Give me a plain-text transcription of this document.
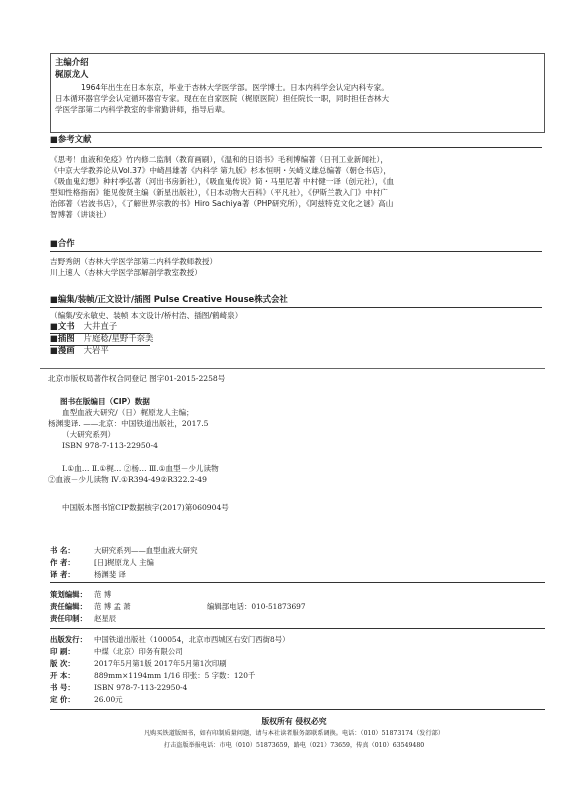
主编介绍
梶原龙人
1964年出生在日本东京，毕业于杏林大学医学部。医学博士。日本内科学会认定内科专家。
日本循环器官学会认定循环器官专家。现在在自家医院（梶原医院）担任院长一职，同时担任杏林大
学医学部第二内科学教室的非常勤讲师，指导后辈。
■参考文献
《思考！血液和免疫》竹内修二监制（教育画刷），《温和的日语书》毛利博编著（日刊工业新闻社），
《中京大学教养论从Vol.37》中崎昌雄著《内科学 第九版》杉本恒明・矢崎义雄总编著（朝仓书店），
《吸血鬼幻想》种村季弘著（河出书房新社），《吸血鬼传说》简・马里尼著 中村健一译（创元社），《血
型知性格指南》能见俊贤主编（新星出版社），《日本动物大百科》（平凡社），《伊斯兰教入门》中村广
治郎著（岩波书店），《了解世界宗教的书》Hiro Sachiya著（PHP研究所），《阿兹特克文化之谜》高山
智博著（讲谈社）
■合作
吉野秀朗（杏林大学医学部第二内科学教师教授）
川上速人（杏林大学医学部解剖学教室教授）
■编集/装帧/正文设计/插图 Pulse Creative House株式会社
（编集/安永敏史、装帧 本文设计/桥村浩、插图/鹤崎泉）
■文书 大井直子
■插图 片庭稔/星野千奈美
■漫画 大岩平
北京市版权局著作权合同登记 图字01-2015-2258号
图书在版编目（CIP）数据
血型血液大研究/（日）梶原龙人主编；
杨渊斐译. ——北京：中国铁道出版社，2017.5
（大研究系列）
ISBN 978-7-113-22950-4
Ⅰ.①血… Ⅱ.①梶… ②杨… Ⅲ.①血型－少儿读物
②血液－少儿读物 Ⅳ.①R394-49②R322.2-49
中国版本图书馆CIP数据核字(2017)第060904号
书 名：	大研究系列——血型血液大研究
作 者：	[日]梶原龙人 主编
译 者：	杨渊斐 译
策划编辑： 范 博
责任编辑： 范 博 孟 萧	编辑部电话：010-51873697
责任印制： 赵星辰
出版发行： 中国铁道出版社（100054，北京市西城区右安门西街8号）
印 刷：	中煤（北京）印务有限公司
版 次：	2017年5月第1版 2017年5月第1次印刷
开 本：	889mm×1194mm 1/16 印张：5 字数：120千
书 号：	ISBN 978-7-113-22950-4
定 价：	26.00元
版权所有 侵权必究
凡购买铁道版图书，如有印制质量问题，请与本社读者服务部联系调换。电话：（010）51873174（发行部）
打击盗版举报电话：市电（010）51873659，路电（021）73659，传真（010）63549480
